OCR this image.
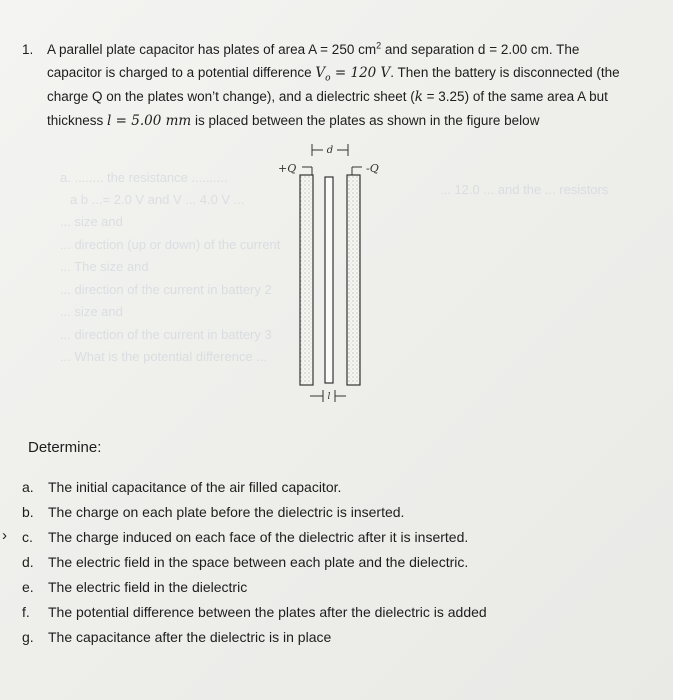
a. ........ the resistance ..........
a b ...= 2.0 V and V ... 4.0 V ...
... 12.0 ... and the ... resistors
... size and
... direction (up or down) of the current
... The size and
... direction of the current in battery 2
... size and
... direction of the current in battery 3
... What is the potential difference ...
1. A parallel plate capacitor has plates of area A = 250 $cm^2$ and separation d = 2.00 cm. The
capacitor is charged to a potential difference $V_o = 120$ V. Then the battery is disconnected (the
charge Q on the plates won’t change), and a dielectric sheet (k = 3.25) of the same area A but
thickness l = 5.00 mm is placed between the plates as shown in the figure below
d
+Q	-Q
l
Determine:
›
a. The initial capacitance of the air filled capacitor.
b. The charge on each plate before the dielectric is inserted.
c. The charge induced on each face of the dielectric after it is inserted.
d. The electric field in the space between each plate and the dielectric.
e. The electric field in the dielectric
f. The potential difference between the plates after the dielectric is added
g. The capacitance after the dielectric is in place
